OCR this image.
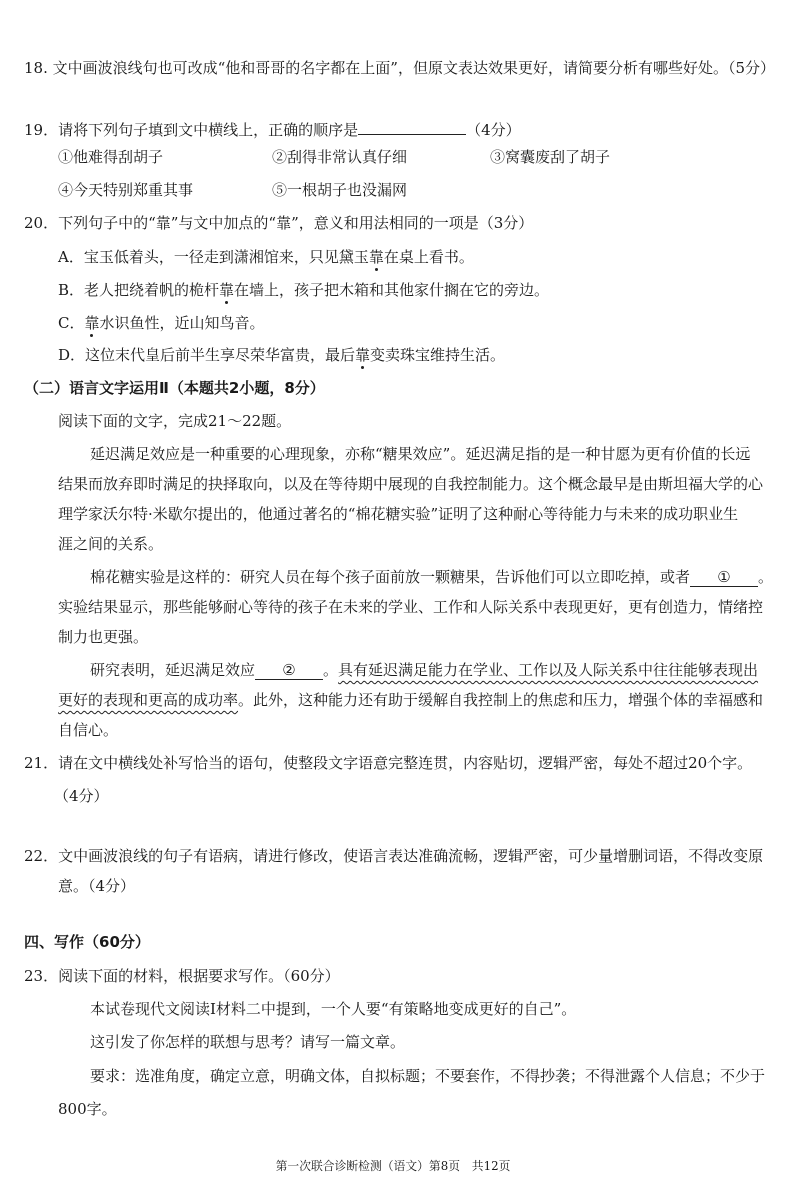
18. 文中画波浪线句也可改成“他和哥哥的名字都在上面”，但原文表达效果更好，请简要分析有哪些好处。（5分）
19．请将下列句子填到文中横线上，正确的顺序是	（4分）
①他难得刮胡子	②刮得非常认真仔细	③窝囊废刮了胡子
④今天特别郑重其事	⑤一根胡子也没漏网
20．下列句子中的“靠”与文中加点的“靠”，意义和用法相同的一项是（3分）
A．宝玉低着头，一径走到潇湘馆来，只见黛玉靠在桌上看书。
B．老人把绕着帆的桅杆靠在墙上，孩子把木箱和其他家什搁在它的旁边。
C．靠水识鱼性，近山知鸟音。
D．这位末代皇后前半生享尽荣华富贵，最后靠变卖珠宝维持生活。
（二）语言文字运用Ⅱ（本题共2小题，8分）
阅读下面的文字，完成21～22题。
延迟满足效应是一种重要的心理现象，亦称“糖果效应”。延迟满足指的是一种甘愿为更有价值的长远
结果而放弃即时满足的抉择取向，以及在等待期中展现的自我控制能力。这个概念最早是由斯坦福大学的心
理学家沃尔特·米歇尔提出的，他通过著名的“棉花糖实验”证明了这种耐心等待能力与未来的成功职业生
涯之间的关系。
棉花糖实验是这样的：研究人员在每个孩子面前放一颗糖果，告诉他们可以立即吃掉，或者 ① 。
实验结果显示，那些能够耐心等待的孩子在未来的学业、工作和人际关系中表现更好，更有创造力，情绪控
制力也更强。
研究表明，延迟满足效应 ② 。具有延迟满足能力在学业、工作以及人际关系中往往能够表现出
更好的表现和更高的成功率。此外，这种能力还有助于缓解自我控制上的焦虑和压力，增强个体的幸福感和
自信心。
21．请在文中横线处补写恰当的语句，使整段文字语意完整连贯，内容贴切，逻辑严密，每处不超过20个字。
（4分）
22．文中画波浪线的句子有语病，请进行修改，使语言表达准确流畅，逻辑严密，可少量增删词语，不得改变原
意。（4分）
四、写作（60分）
23．阅读下面的材料，根据要求写作。（60分）
本试卷现代文阅读Ⅰ材料二中提到，一个人要“有策略地变成更好的自己”。
这引发了你怎样的联想与思考？请写一篇文章。
要求：选准角度，确定立意，明确文体，自拟标题；不要套作，不得抄袭；不得泄露个人信息；不少于
800字。
第一次联合诊断检测（语文）第8页　共12页
